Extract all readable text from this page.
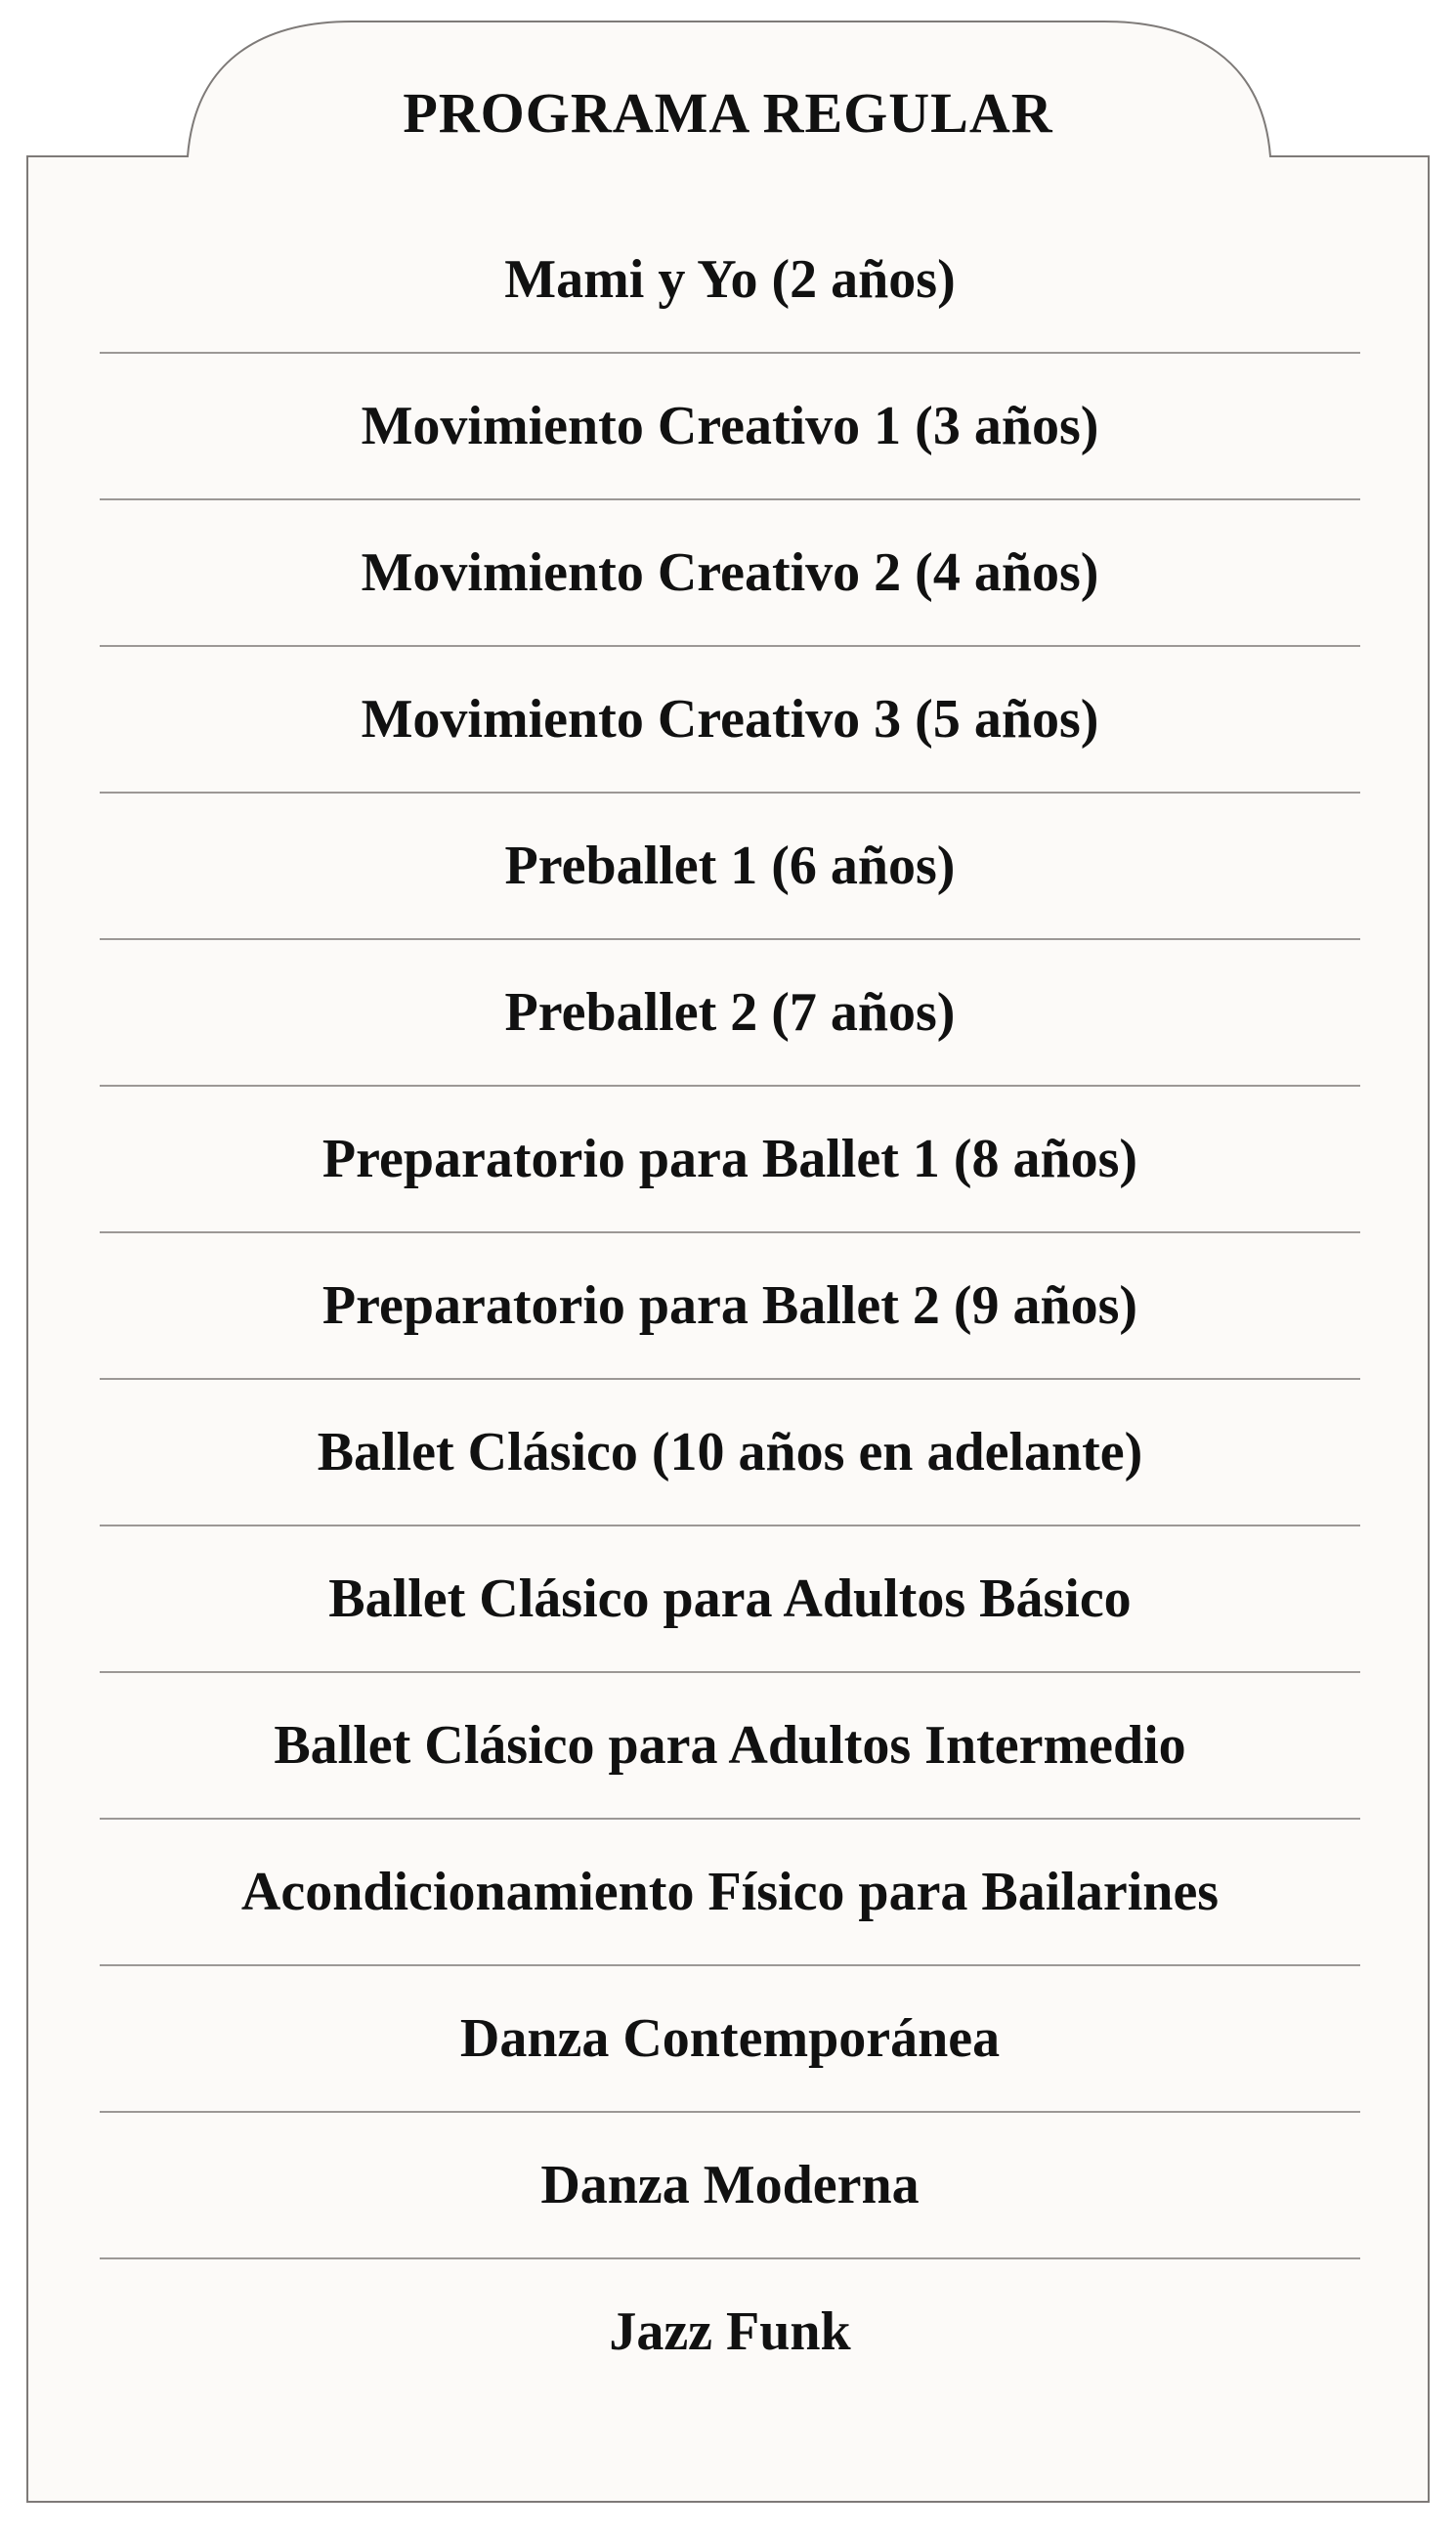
PROGRAMA REGULAR
Mami y Yo (2 años)
Movimiento Creativo 1 (3 años)
Movimiento Creativo 2 (4 años)
Movimiento Creativo 3 (5 años)
Preballet 1 (6 años)
Preballet 2 (7 años)
Preparatorio para Ballet 1 (8 años)
Preparatorio para Ballet 2 (9 años)
Ballet Clásico (10 años en adelante)
Ballet Clásico para Adultos Básico
Ballet Clásico para Adultos Intermedio
Acondicionamiento Físico para Bailarines
Danza Contemporánea
Danza Moderna
Jazz Funk
